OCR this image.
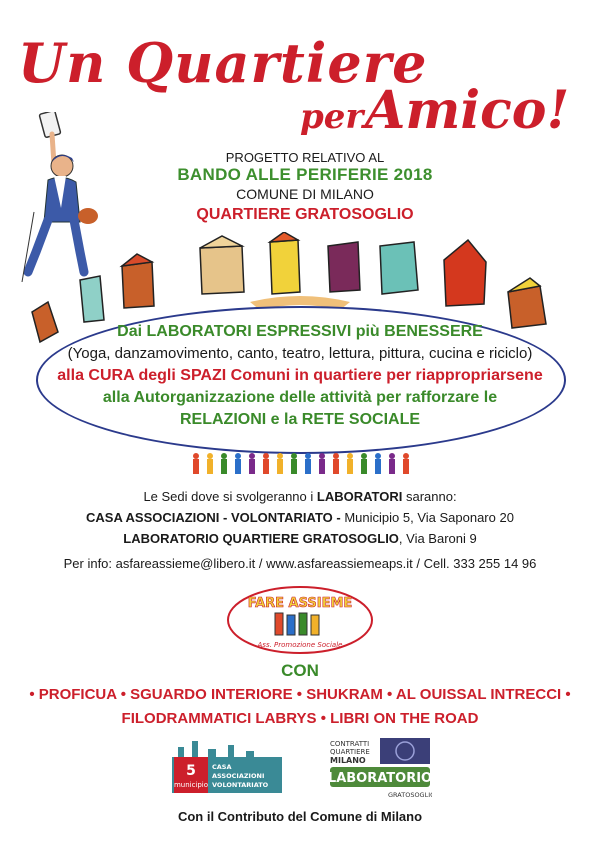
Un Quartiere
per Amico!
PROGETTO RELATIVO AL
BANDO ALLE PERIFERIE 2018
COMUNE DI MILANO
QUARTIERE GRATOSOGLIO
Dai LABORATORI ESPRESSIVI più BENESSERE
(Yoga, danzamovimento, canto, teatro, lettura, pittura, cucina e riciclo)
alla CURA degli SPAZI Comuni in quartiere per riappropriarsene
alla Autorganizzazione delle attività per rafforzare le
RELAZIONI e la RETE SOCIALE
Le Sedi dove si svolgeranno i LABORATORI saranno:
CASA ASSOCIAZIONI - VOLONTARIATO - Municipio 5, Via Saponaro 20
LABORATORIO QUARTIERE GRATOSOGLIO, Via Baroni 9
Per info: asfareassieme@libero.it / www.asfareassiemeaps.it / Cell. 333 255 14 96
FARE ASSIEME
Ass. Promozione Sociale
CON
• PROFICUA • SGUARDO INTERIORE • SHUKRAM • AL OUISSAL INTRECCI •
FILODRAMMATICI LABRYS • LIBRI ON THE ROAD
5
municipio
CASA
ASSOCIAZIONI
VOLONTARIATO
CONTRATTI
QUARTIERE
MILANO
LABORATORIO
GRATOSOGLIO
Con il Contributo del Comune di Milano
